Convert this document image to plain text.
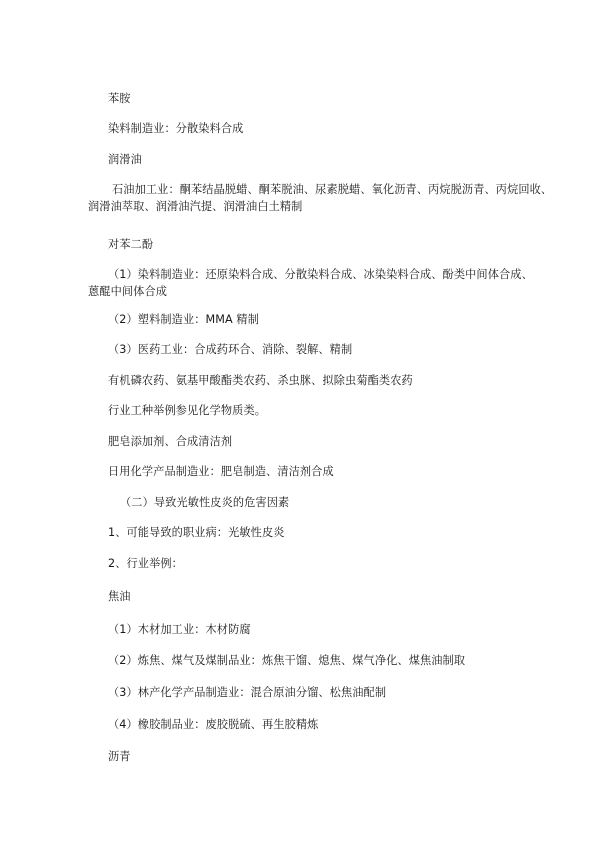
苯胺

染料制造业：分散染料合成

润滑油

石油加工业：酮苯结晶脱蜡、酮苯脱油、尿素脱蜡、氧化沥青、丙烷脱沥青、丙烷回收、

润滑油萃取、润滑油汽提、润滑油白土精制

对苯二酚

（1）染料制造业：还原染料合成、分散染料合成、冰染染料合成、酚类中间体合成、

蒽醌中间体合成

（2）塑料制造业：MMA 精制

（3）医药工业：合成药环合、消除、裂解、精制

有机磷农药、氨基甲酸酯类农药、杀虫脒、拟除虫菊酯类农药

行业工种举例参见化学物质类。

肥皂添加剂、合成清洁剂

日用化学产品制造业：肥皂制造、清洁剂合成

（二）导致光敏性皮炎的危害因素

1、可能导致的职业病：光敏性皮炎

2、行业举例：

焦油

（1）木材加工业：木材防腐

（2）炼焦、煤气及煤制品业：炼焦干馏、熄焦、煤气净化、煤焦油制取

（3）林产化学产品制造业：混合原油分馏、松焦油配制

（4）橡胶制品业：废胶脱硫、再生胶精炼

沥青
